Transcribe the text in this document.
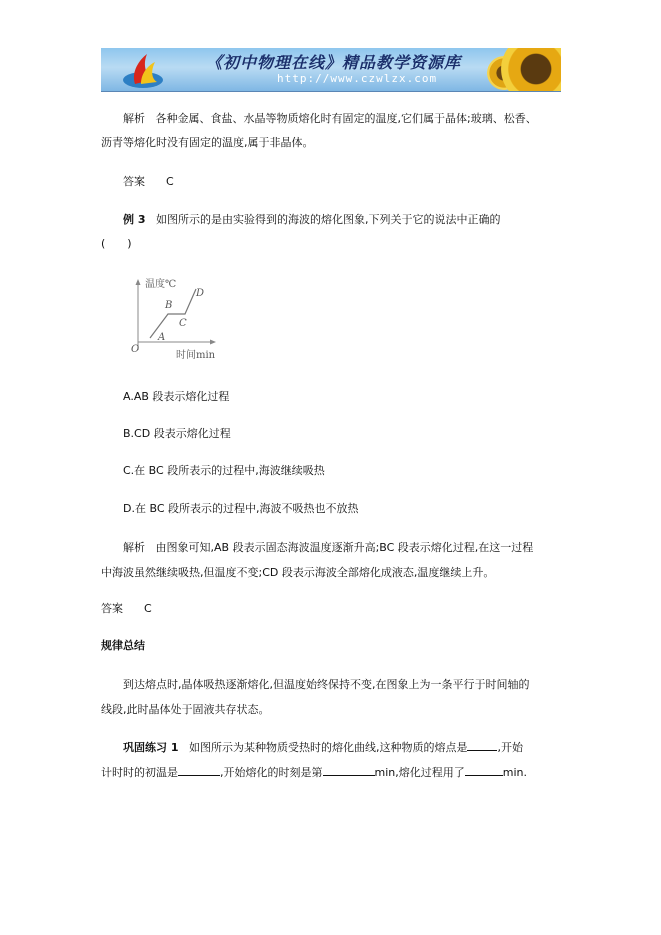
《初中物理在线》精品教学资源库
http://www.czwlzx.com
解析 各种金属、食盐、水晶等物质熔化时有固定的温度,它们属于晶体;玻璃、松香、
沥青等熔化时没有固定的温度,属于非晶体。
答案 C
例 3 如图所示的是由实验得到的海波的熔化图象,下列关于它的说法中正确的
(　　)
温度℃
时间min
O
A
B
C
D
A.AB 段表示熔化过程
B.CD 段表示熔化过程
C.在 BC 段所表示的过程中,海波继续吸热
D.在 BC 段所表示的过程中,海波不吸热也不放热
解析 由图象可知,AB 段表示固态海波温度逐渐升高;BC 段表示熔化过程,在这一过程
中海波虽然继续吸热,但温度不变;CD 段表示海波全部熔化成液态,温度继续上升。
答案 C
规律总结
到达熔点时,晶体吸热逐渐熔化,但温度始终保持不变,在图象上为一条平行于时间轴的
线段,此时晶体处于固液共存状态。
巩固练习 1 如图所示为某种物质受热时的熔化曲线,这种物质的熔点是	,开始
计时时的初温是	,开始熔化的时刻是第	min,熔化过程用了	min.
